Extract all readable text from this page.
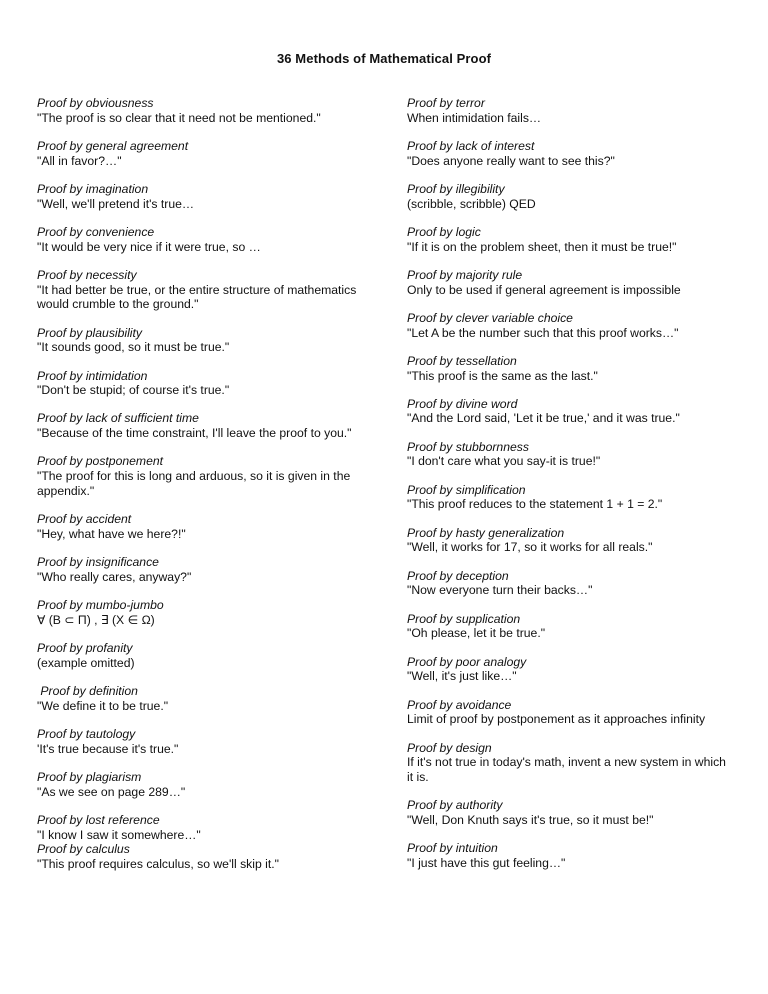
36 Methods of Mathematical Proof
Proof by obviousness
"The proof is so clear that it need not be mentioned."
Proof by general agreement
"All in favor?…"
Proof by imagination
"Well, we'll pretend it's true…
Proof by convenience
"It would be very nice if it were true, so …
Proof by necessity
"It had better be true, or the entire structure of mathematics would crumble to the ground."
Proof by plausibility
"It sounds good, so it must be true."
Proof by intimidation
"Don't be stupid; of course it's true."
Proof by lack of sufficient time
"Because of the time constraint, I'll leave the proof to you."
Proof by postponement
"The proof for this is long and arduous, so it is given in the appendix."
Proof by accident
"Hey, what have we here?!"
Proof by insignificance
"Who really cares, anyway?"
Proof by mumbo-jumbo
∀ (Β ⊂ Π) , ∃ (Χ ∈ Ω)
Proof by profanity
(example omitted)
Proof by definition
"We define it to be true."
Proof by tautology
'It's true because it's true."
Proof by plagiarism
"As we see on page 289…"
Proof by lost reference
"I know I saw it somewhere…"
Proof by calculus
"This proof requires calculus, so we'll skip it."
Proof by terror
When intimidation fails…
Proof by lack of interest
"Does anyone really want to see this?"
Proof by illegibility
(scribble, scribble) QED
Proof by logic
"If it is on the problem sheet, then it must be true!"
Proof by majority rule
Only to be used if general agreement is impossible
Proof by clever variable choice
"Let A be the number such that this proof works…"
Proof by tessellation
"This proof is the same as the last."
Proof by divine word
"And the Lord said, 'Let it be true,' and it was true."
Proof by stubbornness
"I don't care what you say-it is true!"
Proof by simplification
"This proof reduces to the statement 1 + 1 = 2."
Proof by hasty generalization
"Well, it works for 17, so it works for all reals."
Proof by deception
"Now everyone turn their backs…"
Proof by supplication
"Oh please, let it be true."
Proof by poor analogy
"Well, it's just like…"
Proof by avoidance
Limit of proof by postponement as it approaches infinity
Proof by design
If it's not true in today's math, invent a new system in which it is.
Proof by authority
"Well, Don Knuth says it's true, so it must be!"
Proof by intuition
"I just have this gut feeling…"
